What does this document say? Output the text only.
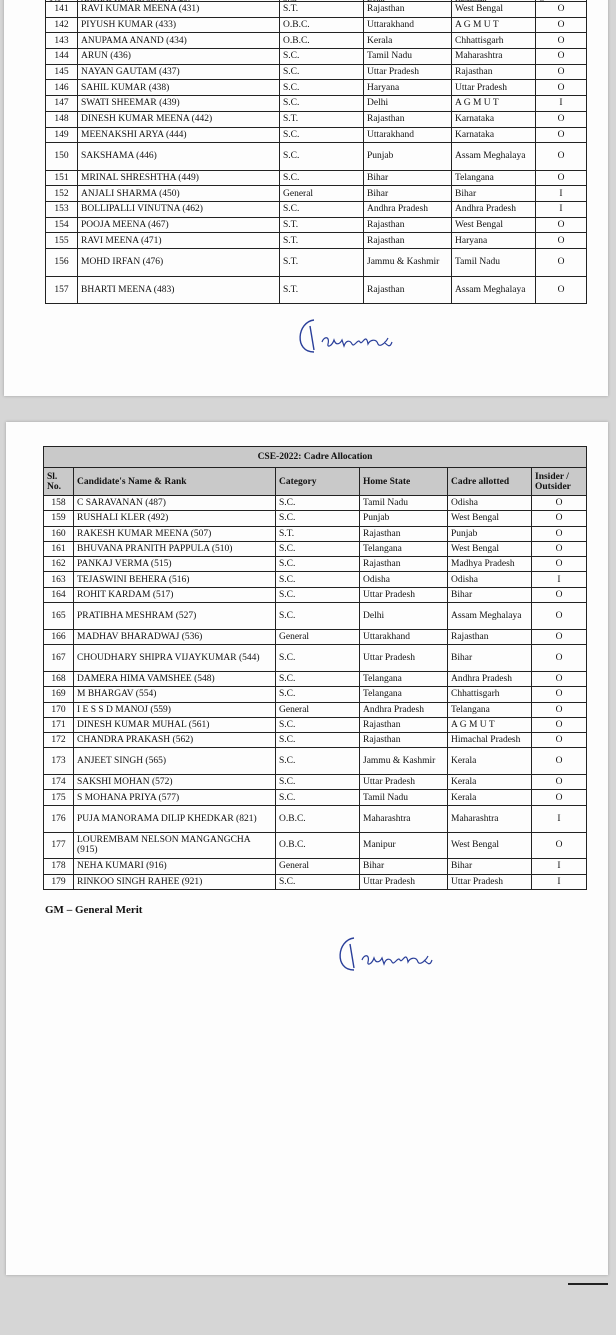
141	RAVI KUMAR MEENA (431)	S.T.	Rajasthan	West Bengal	O
142	PIYUSH KUMAR (433)	O.B.C.	Uttarakhand	A G M U T	O
143	ANUPAMA ANAND (434)	O.B.C.	Kerala	Chhattisgarh	O
144	ARUN (436)	S.C.	Tamil Nadu	Maharashtra	O
145	NAYAN GAUTAM (437)	S.C.	Uttar Pradesh	Rajasthan	O
146	SAHIL KUMAR (438)	S.C.	Haryana	Uttar Pradesh	O
147	SWATI SHEEMAR (439)	S.C.	Delhi	A G M U T	I
148	DINESH KUMAR MEENA (442)	S.T.	Rajasthan	Karnataka	O
149	MEENAKSHI ARYA (444)	S.C.	Uttarakhand	Karnataka	O
150	SAKSHAMA (446)	S.C.	Punjab	Assam Meghalaya	O
151	MRINAL SHRESHTHA (449)	S.C.	Bihar	Telangana	O
152	ANJALI SHARMA (450)	General	Bihar	Bihar	I
153	BOLLIPALLI VINUTNA (462)	S.C.	Andhra Pradesh	Andhra Pradesh	I
154	POOJA MEENA (467)	S.T.	Rajasthan	West Bengal	O
155	RAVI MEENA (471)	S.T.	Rajasthan	Haryana	O
156	MOHD IRFAN (476)	S.T.	Jammu & Kashmir	Tamil Nadu	O
157	BHARTI MEENA (483)	S.T.	Rajasthan	Assam Meghalaya	O
CSE-2022: Cadre Allocation					
Sl. No.	Candidate's Name & Rank	Category	Home State	Cadre allotted	Insider / Outsider
158	C SARAVANAN (487)	S.C.	Tamil Nadu	Odisha	O
159	RUSHALI KLER (492)	S.C.	Punjab	West Bengal	O
160	RAKESH KUMAR MEENA (507)	S.T.	Rajasthan	Punjab	O
161	BHUVANA PRANITH PAPPULA (510)	S.C.	Telangana	West Bengal	O
162	PANKAJ VERMA (515)	S.C.	Rajasthan	Madhya Pradesh	O
163	TEJASWINI BEHERA (516)	S.C.	Odisha	Odisha	I
164	ROHIT KARDAM (517)	S.C.	Uttar Pradesh	Bihar	O
165	PRATIBHA MESHRAM (527)	S.C.	Delhi	Assam Meghalaya	O
166	MADHAV BHARADWAJ (536)	General	Uttarakhand	Rajasthan	O
167	CHOUDHARY SHIPRA VIJAYKUMAR (544)	S.C.	Uttar Pradesh	Bihar	O
168	DAMERA HIMA VAMSHEE (548)	S.C.	Telangana	Andhra Pradesh	O
169	M BHARGAV (554)	S.C.	Telangana	Chhattisgarh	O
170	I E S S D MANOJ (559)	General	Andhra Pradesh	Telangana	O
171	DINESH KUMAR MUHAL (561)	S.C.	Rajasthan	A G M U T	O
172	CHANDRA PRAKASH (562)	S.C.	Rajasthan	Himachal Pradesh	O
173	ANJEET SINGH (565)	S.C.	Jammu & Kashmir	Kerala	O
174	SAKSHI MOHAN (572)	S.C.	Uttar Pradesh	Kerala	O
175	S MOHANA PRIYA (577)	S.C.	Tamil Nadu	Kerala	O
176	PUJA MANORAMA DILIP KHEDKAR (821)	O.B.C.	Maharashtra	Maharashtra	I
177	LOUREMBAM NELSON MANGANGCHA (915)	O.B.C.	Manipur	West Bengal	O
178	NEHA KUMARI (916)	General	Bihar	Bihar	I
179	RINKOO SINGH RAHEE (921)	S.C.	Uttar Pradesh	Uttar Pradesh	I
GM – General Merit
